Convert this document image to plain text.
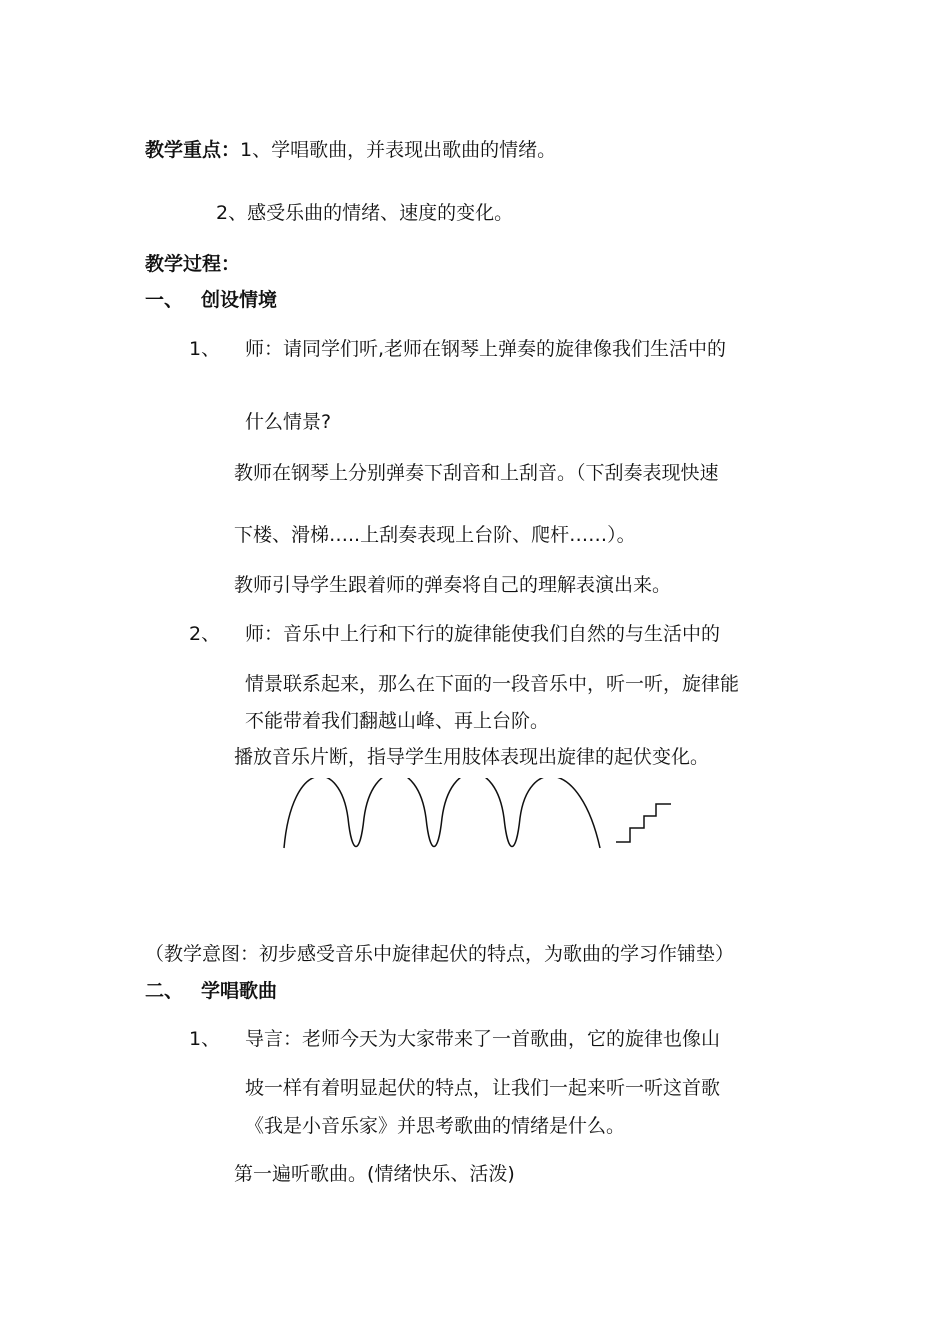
教学重点：1、学唱歌曲，并表现出歌曲的情绪。
2、感受乐曲的情绪、速度的变化。
教学过程：
一、 创设情境
1、 师：请同学们听,老师在钢琴上弹奏的旋律像我们生活中的
什么情景?
教师在钢琴上分别弹奏下刮音和上刮音。（下刮奏表现快速
下楼、滑梯…..上刮奏表现上台阶、爬杆……）。
教师引导学生跟着师的弹奏将自己的理解表演出来。
2、 师：音乐中上行和下行的旋律能使我们自然的与生活中的
情景联系起来，那么在下面的一段音乐中，听一听，旋律能
不能带着我们翻越山峰、再上台阶。
播放音乐片断，指导学生用肢体表现出旋律的起伏变化。
（教学意图：初步感受音乐中旋律起伏的特点，为歌曲的学习作铺垫）
二、 学唱歌曲
1、 导言：老师今天为大家带来了一首歌曲，它的旋律也像山
坡一样有着明显起伏的特点，让我们一起来听一听这首歌
《我是小音乐家》并思考歌曲的情绪是什么。
第一遍听歌曲。(情绪快乐、活泼)
